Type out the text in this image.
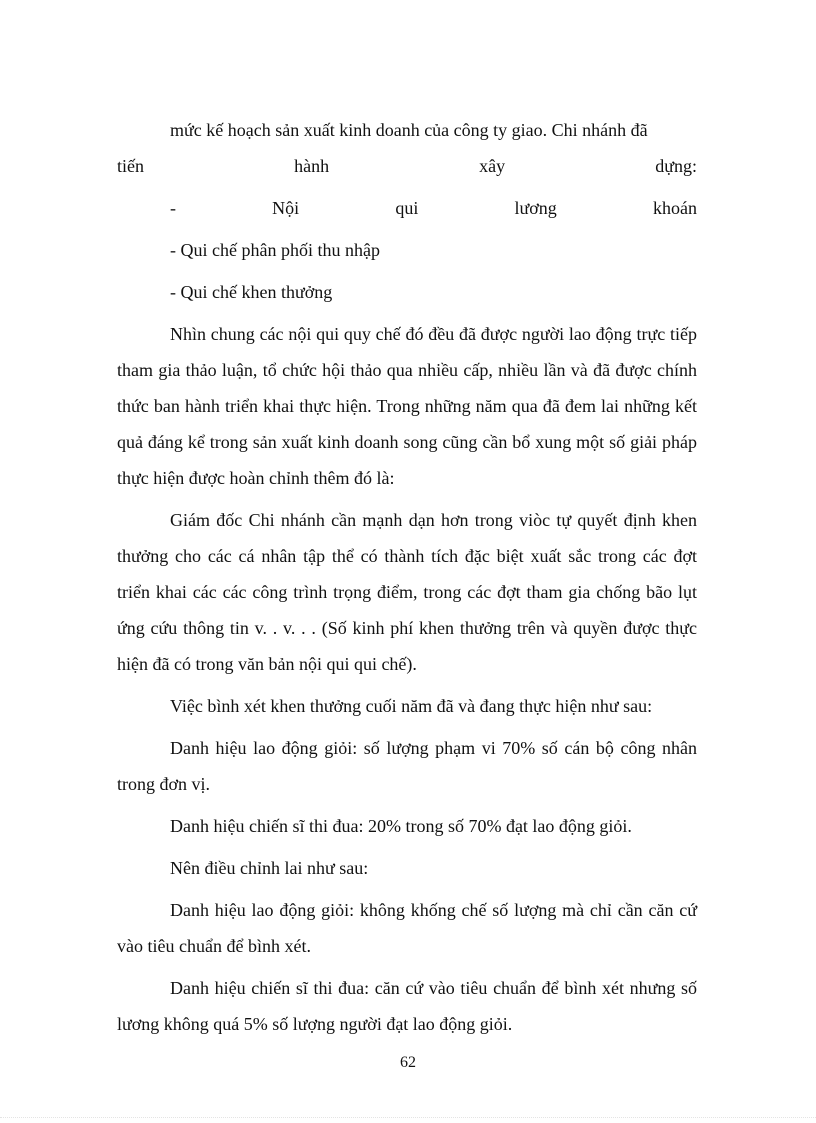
mức kế hoạch sản xuất kinh doanh của công ty giao. Chi nhánh đã

tiến	hành	xây	dựng:
-	Nội	qui	lương	khoán

- Qui chế phân phối thu nhập

- Qui chế khen thưởng

Nhìn chung các nội qui quy chế đó đều đã được người lao động trực tiếp tham gia thảo luận, tổ chức hội thảo qua nhiều cấp, nhiều lần và đã được chính thức ban hành triển khai thực hiện. Trong những năm qua đã đem lai những kết quả đáng kể trong sản xuất kinh doanh song cũng cần bổ xung một số giải pháp thực hiện được hoàn chỉnh thêm đó là:

Giám đốc Chi nhánh cần mạnh dạn hơn trong viòc tự quyết định khen thưởng cho các cá nhân tập thể có thành tích đặc biệt xuất sắc trong các đợt triển khai các các công trình trọng điểm, trong các đợt tham gia chống bão lụt ứng cứu thông tin v. . v. . . (Số kinh phí khen thưởng trên và quyền được thực hiện đã có trong văn bản nội qui qui chế).

Việc bình xét khen thưởng cuối năm đã và đang thực hiện như sau:

Danh hiệu lao động giỏi: số lượng phạm vi 70% số cán bộ công nhân trong đơn vị.

Danh hiệu chiến sĩ thi đua: 20% trong số 70% đạt lao động giỏi.

Nên điều chỉnh lai như sau:

Danh hiệu lao động giỏi: không khống chế số lượng mà chỉ cần căn cứ vào tiêu chuẩn để bình xét.

Danh hiệu chiến sĩ thi đua: căn cứ vào tiêu chuẩn để bình xét nhưng số lương không quá 5% số lượng người đạt lao động giỏi.

62
